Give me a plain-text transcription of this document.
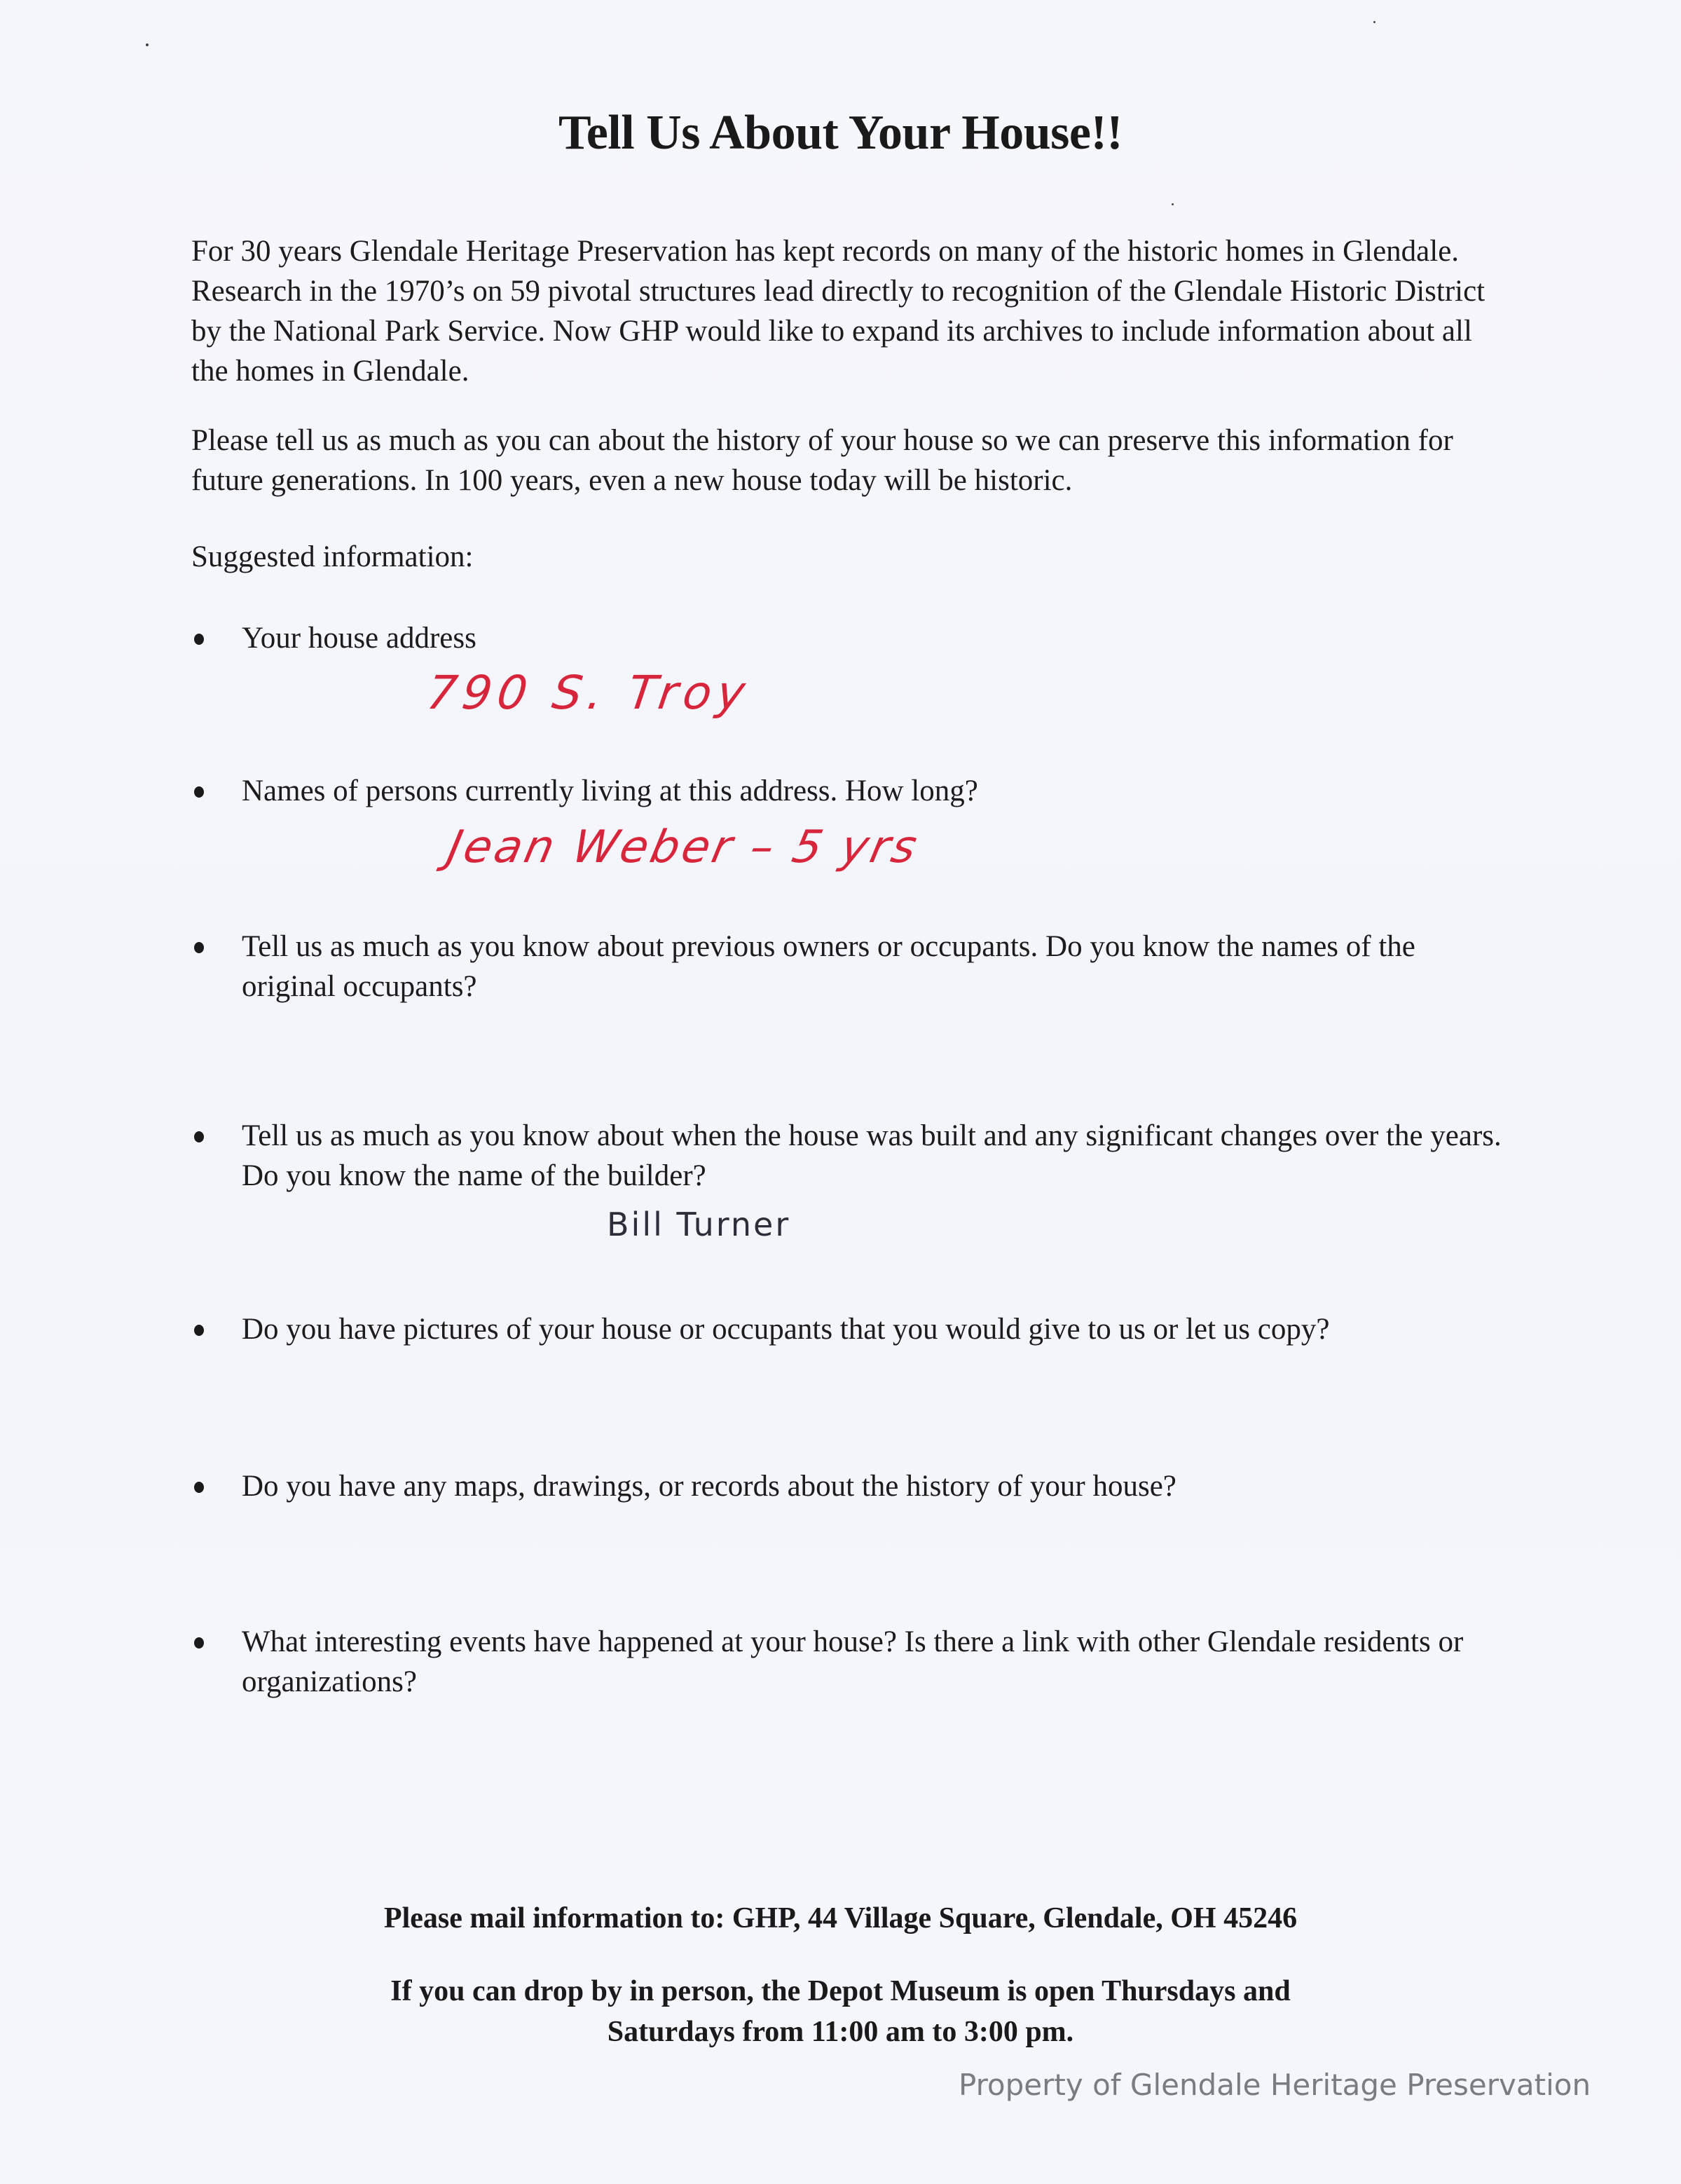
Tell Us About Your House!!

For 30 years Glendale Heritage Preservation has kept records on many of the historic homes in Glendale. Research in the 1970’s on 59 pivotal structures lead directly to recognition of the Glendale Historic District by the National Park Service. Now GHP would like to expand its archives to include information about all the homes in Glendale.

Please tell us as much as you can about the history of your house so we can preserve this information for future generations. In 100 years, even a new house today will be historic.

Suggested information:

Your house address
790 S. Troy
Names of persons currently living at this address. How long?
Jean Weber – 5 yrs
Tell us as much as you know about previous owners or occupants. Do you know the names of the original occupants?
Tell us as much as you know about when the house was built and any significant changes over the years. Do you know the name of the builder?
Bill Turner
Do you have pictures of your house or occupants that you would give to us or let us copy?
Do you have any maps, drawings, or records about the history of your house?
What interesting events have happened at your house? Is there a link with other Glendale residents or organizations?
Please mail information to: GHP, 44 Village Square, Glendale, OH 45246
If you can drop by in person, the Depot Museum is open Thursdays and
Saturdays from 11:00 am to 3:00 pm.
Property of Glendale Heritage Preservation
